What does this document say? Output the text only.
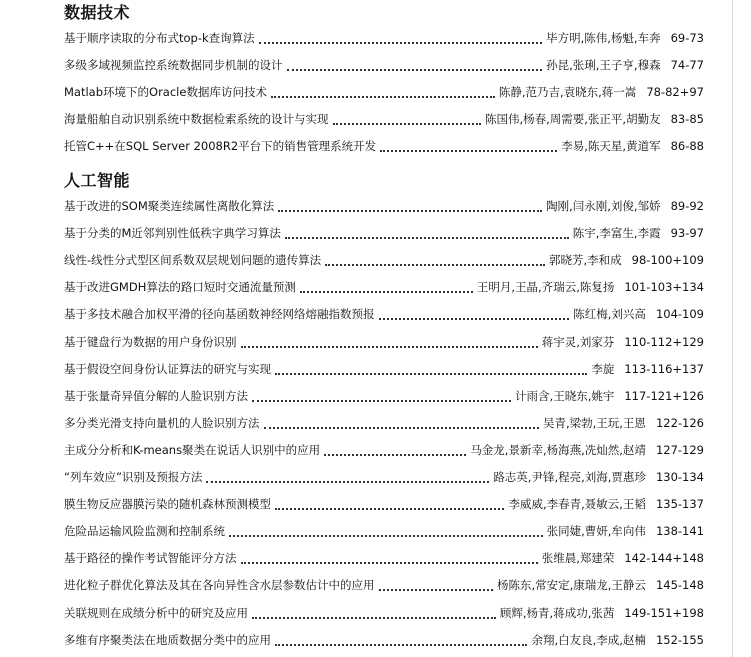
数据技术
基于顺序读取的分布式top-k查询算法	毕方明,陈伟,杨魁,车奔 69-73
多级多域视频监控系统数据同步机制的设计	孙昆,张琍,王子亨,穆森 74-77
Matlab环境下的Oracle数据库访问技术	陈静,范乃吉,袁晓东,蒋一嵩 78-82+97
海量船舶自动识别系统中数据检索系统的设计与实现	陈国伟,杨春,周需要,张正平,胡勤友 83-85
托管C++在SQL Server 2008R2平台下的销售管理系统开发	李易,陈天星,黄道军 86-88
人工智能
基于改进的SOM聚类连续属性离散化算法	陶刚,闫永刚,刘俊,邹娇 89-92
基于分类的M近邻判别性低秩字典学习算法	陈宇,李富生,李霞 93-97
线性-线性分式型区间系数双层规划问题的遗传算法	郭晓芳,李和成 98-100+109
基于改进GMDH算法的路口短时交通流量预测	王明月,王晶,齐瑞云,陈复扬 101-103+134
基于多技术融合加权平滑的径向基函数神经网络熔融指数预报	陈红梅,刘兴高 104-109
基于键盘行为数据的用户身份识别	蒋宇灵,刘家芬 110-112+129
基于假设空间身份认证算法的研究与实现	李旋 113-116+137
基于张量奇异值分解的人脸识别方法	计雨含,王晓东,姚宇 117-121+126
多分类光滑支持向量机的人脸识别方法	吴青,梁勃,王玩,王恩 122-126
主成分分析和K-means聚类在说话人识别中的应用	马金龙,景新幸,杨海燕,冼灿然,赵靖 127-129
“列车效应”识别及预报方法	路志英,尹锋,程亮,刘海,贾惠珍 130-134
膜生物反应器膜污染的随机森林预测模型	李威威,李春青,聂敏云,王韬 135-137
危险品运输风险监测和控制系统	张同婕,曹妍,牟向伟 138-141
基于路径的操作考试智能评分方法	张维晨,郑建荣 142-144+148
进化粒子群优化算法及其在各向异性含水层参数估计中的应用	杨陈东,常安定,康瑞龙,王静云 145-148
关联规则在成绩分析中的研究及应用	顾辉,杨青,蒋成功,张茜 149-151+198
多维有序聚类法在地质数据分类中的应用	余翔,白友良,李成,赵楠 152-155
